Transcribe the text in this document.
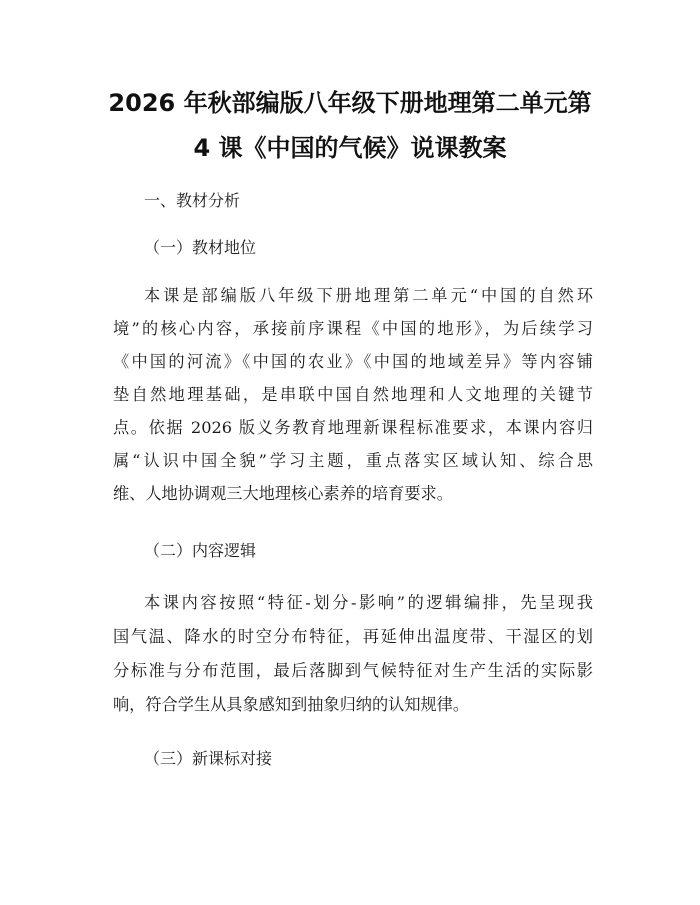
2026 年秋部编版八年级下册地理第二单元第
4 课《中国的气候》说课教案
一、教材分析
（一）教材地位
本课是部编版八年级下册地理第二单元“中国的自然环
境”的核心内容，承接前序课程《中国的地形》，为后续学习
《中国的河流》《中国的农业》《中国的地域差异》等内容铺
垫自然地理基础，是串联中国自然地理和人文地理的关键节
点。依据 2026 版义务教育地理新课程标准要求，本课内容归
属“认识中国全貌”学习主题，重点落实区域认知、综合思
维、人地协调观三大地理核心素养的培育要求。
（二）内容逻辑
本课内容按照“特征-划分-影响”的逻辑编排，先呈现我
国气温、降水的时空分布特征，再延伸出温度带、干湿区的划
分标准与分布范围，最后落脚到气候特征对生产生活的实际影
响，符合学生从具象感知到抽象归纳的认知规律。
（三）新课标对接
